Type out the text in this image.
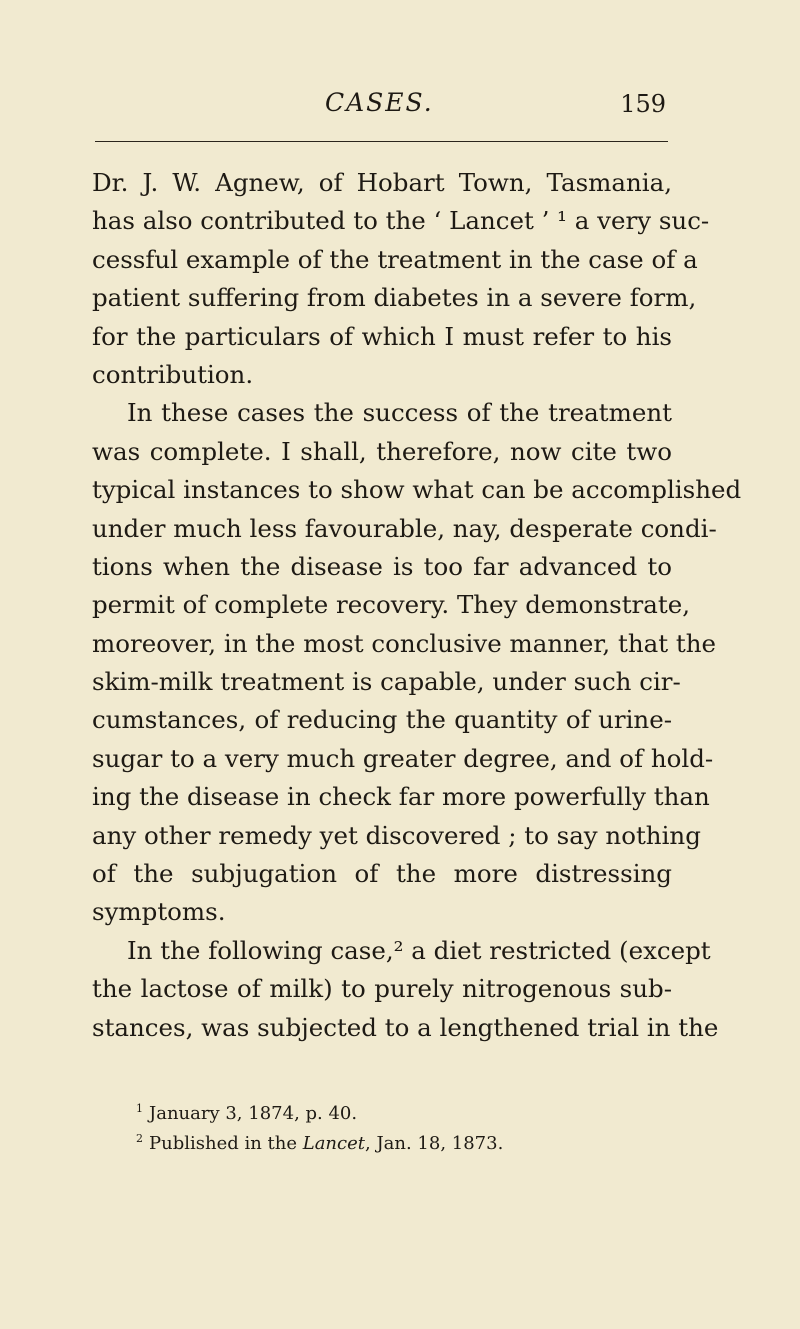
CASES.	159
Dr. J. W. Agnew, of Hobart Town, Tasmania,
has also contributed to the ‘ Lancet ’ ¹ a very suc-
cessful example of the treatment in the case of a
patient suffering from diabetes in a severe form,
for the particulars of which I must refer to his
contribution.
In these cases the success of the treatment
was complete. I shall, therefore, now cite two
typical instances to show what can be accomplished
under much less favourable, nay, desperate condi-
tions when the disease is too far advanced to
permit of complete recovery. They demonstrate,
moreover, in the most conclusive manner, that the
skim-milk treatment is capable, under such cir-
cumstances, of reducing the quantity of urine-
sugar to a very much greater degree, and of hold-
ing the disease in check far more powerfully than
any other remedy yet discovered ; to say nothing
of the subjugation of the more distressing
symptoms.
In the following case,² a diet restricted (except
the lactose of milk) to purely nitrogenous sub-
stances, was subjected to a lengthened trial in the
$^1$ January 3, 1874, p. 40.
$^2$ Published in the Lancet, Jan. 18, 1873.
